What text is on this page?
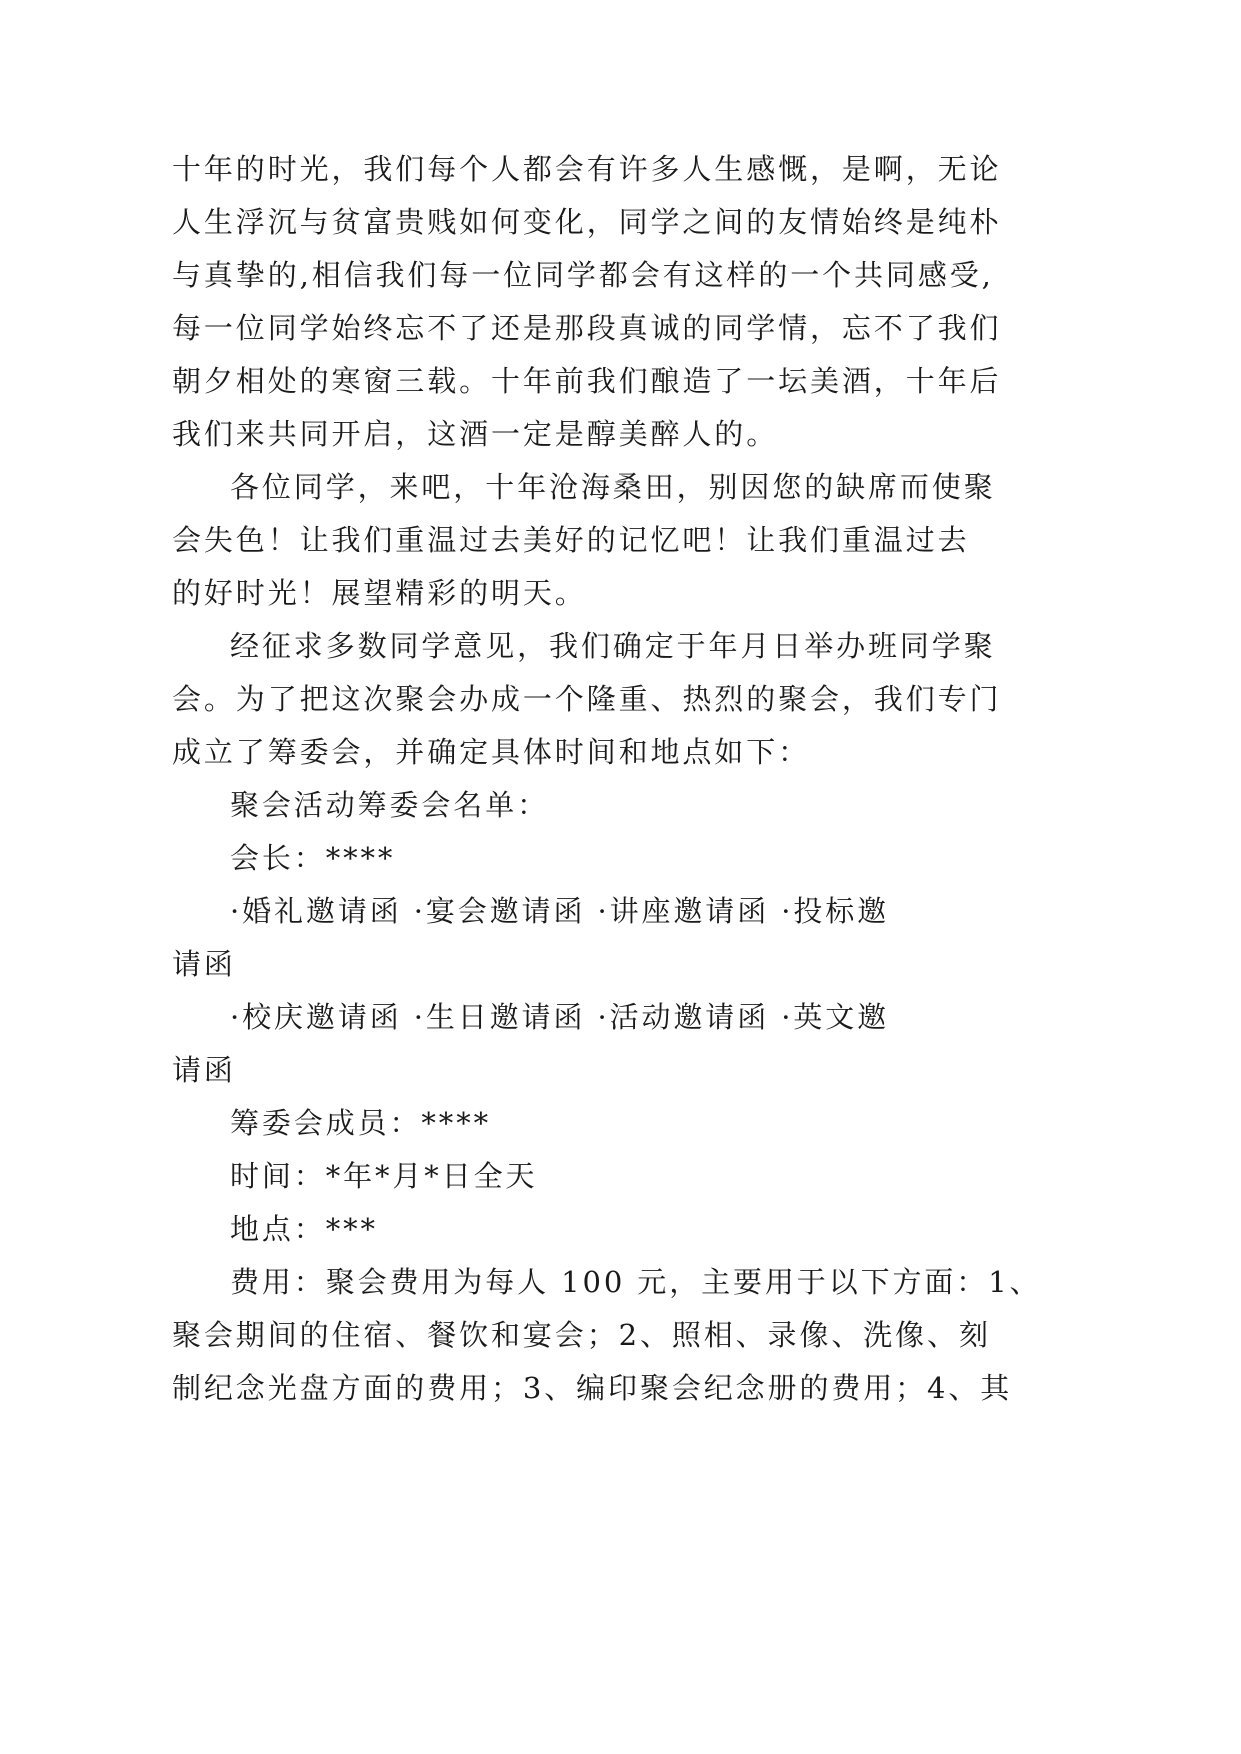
十年的时光，我们每个人都会有许多人生感慨，是啊，无论
人生浮沉与贫富贵贱如何变化，同学之间的友情始终是纯朴
与真挚的,相信我们每一位同学都会有这样的一个共同感受,
每一位同学始终忘不了还是那段真诚的同学情，忘不了我们
朝夕相处的寒窗三载。十年前我们酿造了一坛美酒，十年后
我们来共同开启，这酒一定是醇美醉人的。
各位同学，来吧，十年沧海桑田，别因您的缺席而使聚
会失色！让我们重温过去美好的记忆吧！让我们重温过去
的好时光！展望精彩的明天。
经征求多数同学意见，我们确定于年月日举办班同学聚
会。为了把这次聚会办成一个隆重、热烈的聚会，我们专门
成立了筹委会，并确定具体时间和地点如下：
聚会活动筹委会名单：
会长：****
·婚礼邀请函 ·宴会邀请函 ·讲座邀请函 ·投标邀
请函
·校庆邀请函 ·生日邀请函 ·活动邀请函 ·英文邀
请函
筹委会成员：****
时间：*年*月*日全天
地点：***
费用：聚会费用为每人 100 元，主要用于以下方面：1、
聚会期间的住宿、餐饮和宴会；2、照相、录像、洗像、刻
制纪念光盘方面的费用；3、编印聚会纪念册的费用；4、其
